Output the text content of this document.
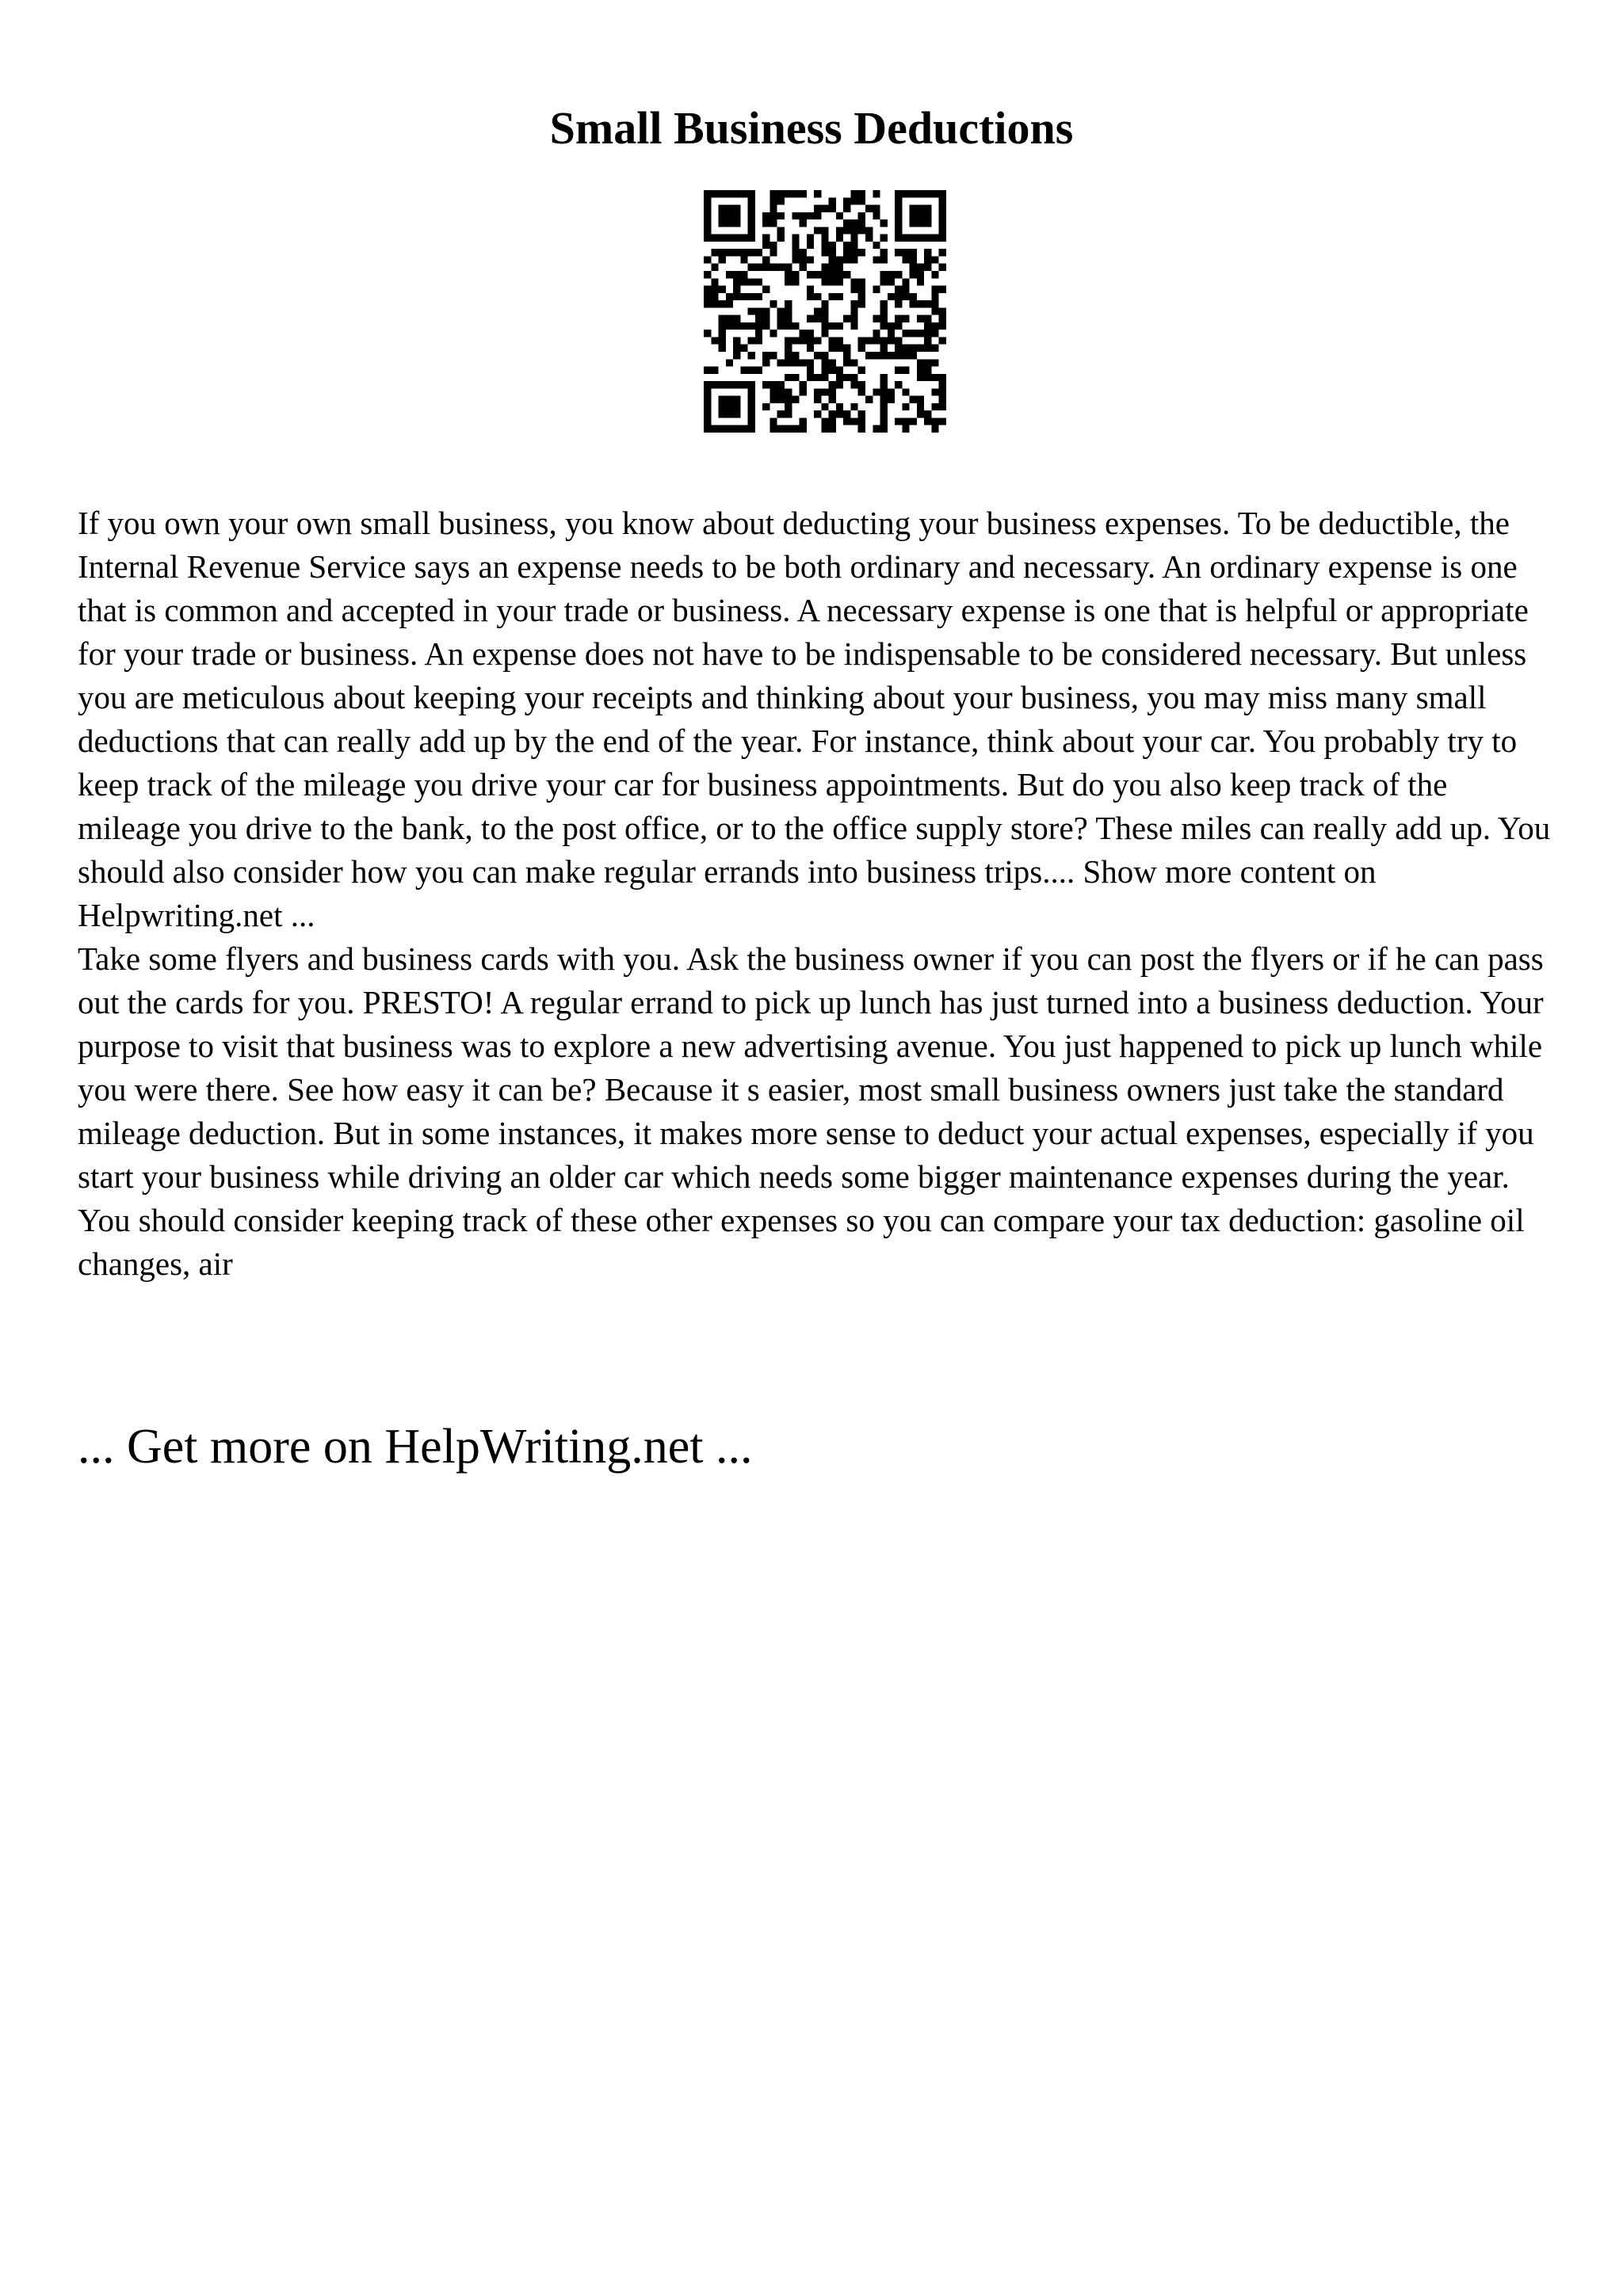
Small Business Deductions

If you own your own small business, you know about deducting your business expenses. To be deductible, the Internal Revenue Service says an expense needs to be both ordinary and necessary. An ordinary expense is one that is common and accepted in your trade or business. A necessary expense is one that is helpful or appropriate for your trade or business. An expense does not have to be indispensable to be considered necessary. But unless you are meticulous about keeping your receipts and thinking about your business, you may miss many small deductions that can really add up by the end of the year. For instance, think about your car. You probably try to keep track of the mileage you drive your car for business appointments. But do you also keep track of the mileage you drive to the bank, to the post office, or to the office supply store? These miles can really add up. You should also consider how you can make regular errands into business trips.... Show more content on Helpwriting.net ...

Take some flyers and business cards with you. Ask the business owner if you can post the flyers or if he can pass out the cards for you. PRESTO! A regular errand to pick up lunch has just turned into a business deduction. Your purpose to visit that business was to explore a new advertising avenue. You just happened to pick up lunch while you were there. See how easy it can be? Because it s easier, most small business owners just take the standard mileage deduction. But in some instances, it makes more sense to deduct your actual expenses, especially if you start your business while driving an older car which needs some bigger maintenance expenses during the year. You should consider keeping track of these other expenses so you can compare your tax deduction: gasoline oil changes, air

... Get more on HelpWriting.net ...
